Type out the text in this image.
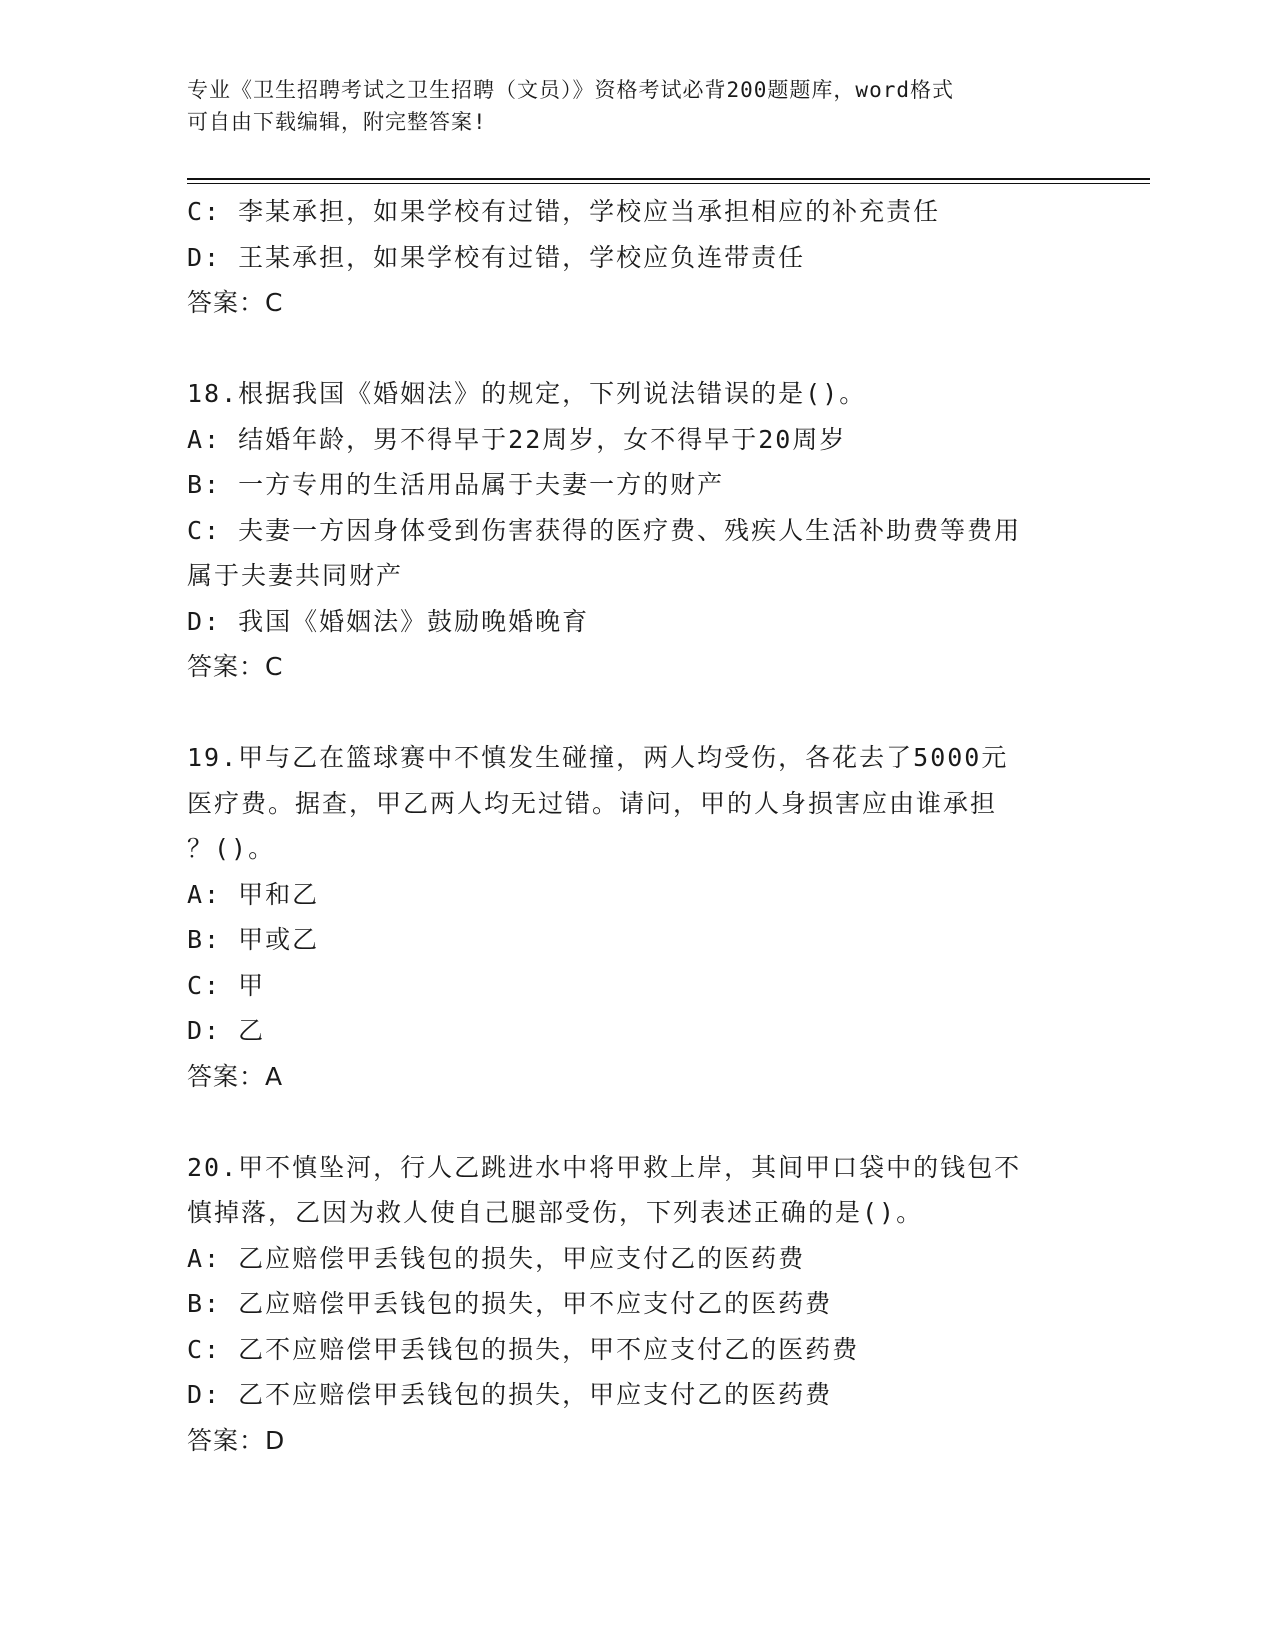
专业《卫生招聘考试之卫生招聘（文员）》资格考试必背200题题库，word格式
可自由下载编辑，附完整答案!
C: 李某承担，如果学校有过错，学校应当承担相应的补充责任
D: 王某承担，如果学校有过错，学校应负连带责任
答案：C
18.根据我国《婚姻法》的规定，下列说法错误的是()。
A: 结婚年龄，男不得早于22周岁，女不得早于20周岁
B: 一方专用的生活用品属于夫妻一方的财产
C: 夫妻一方因身体受到伤害获得的医疗费、残疾人生活补助费等费用
属于夫妻共同财产
D: 我国《婚姻法》鼓励晚婚晚育
答案：C
19.甲与乙在篮球赛中不慎发生碰撞，两人均受伤，各花去了5000元
医疗费。据查，甲乙两人均无过错。请问，甲的人身损害应由谁承担
？()。
A: 甲和乙
B: 甲或乙
C: 甲
D: 乙
答案：A
20.甲不慎坠河，行人乙跳进水中将甲救上岸，其间甲口袋中的钱包不
慎掉落，乙因为救人使自己腿部受伤，下列表述正确的是()。
A: 乙应赔偿甲丢钱包的损失，甲应支付乙的医药费
B: 乙应赔偿甲丢钱包的损失，甲不应支付乙的医药费
C: 乙不应赔偿甲丢钱包的损失，甲不应支付乙的医药费
D: 乙不应赔偿甲丢钱包的损失，甲应支付乙的医药费
答案：D
